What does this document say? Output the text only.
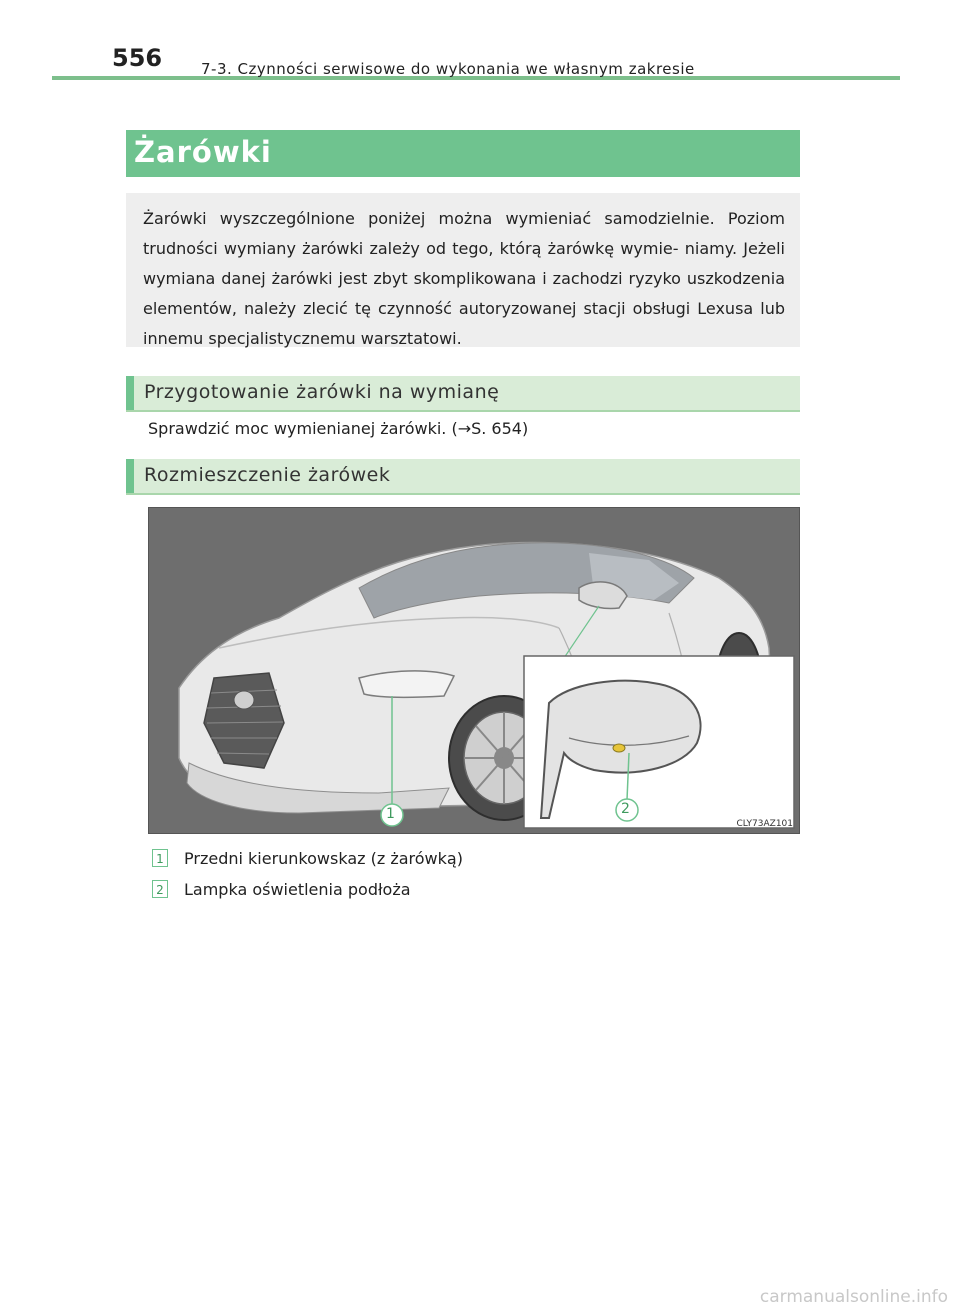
556	7-3. Czynności serwisowe do wykonania we własnym zakresie
Żarówki

Żarówki wyszczególnione poniżej można wymieniać samodzielnie. Poziom trudności wymiany żarówki zależy od tego, którą żarówkę wymie- niamy. Jeżeli wymiana danej żarówki jest zbyt skomplikowana i zachodzi ryzyko uszkodzenia elementów, należy zlecić tę czynność autoryzowanej stacji obsługi Lexusa lub innemu specjalistycznemu warsztatowi.

Przygotowanie żarówki na wymianę
Sprawdzić moc wymienianej żarówki. (→S. 654)
Rozmieszczenie żarówek
1	2
CLY73AZ101
1 Przedni kierunkowskaz (z żarówką)
2 Lampka oświetlenia podłoża
carmanualsonline.info
